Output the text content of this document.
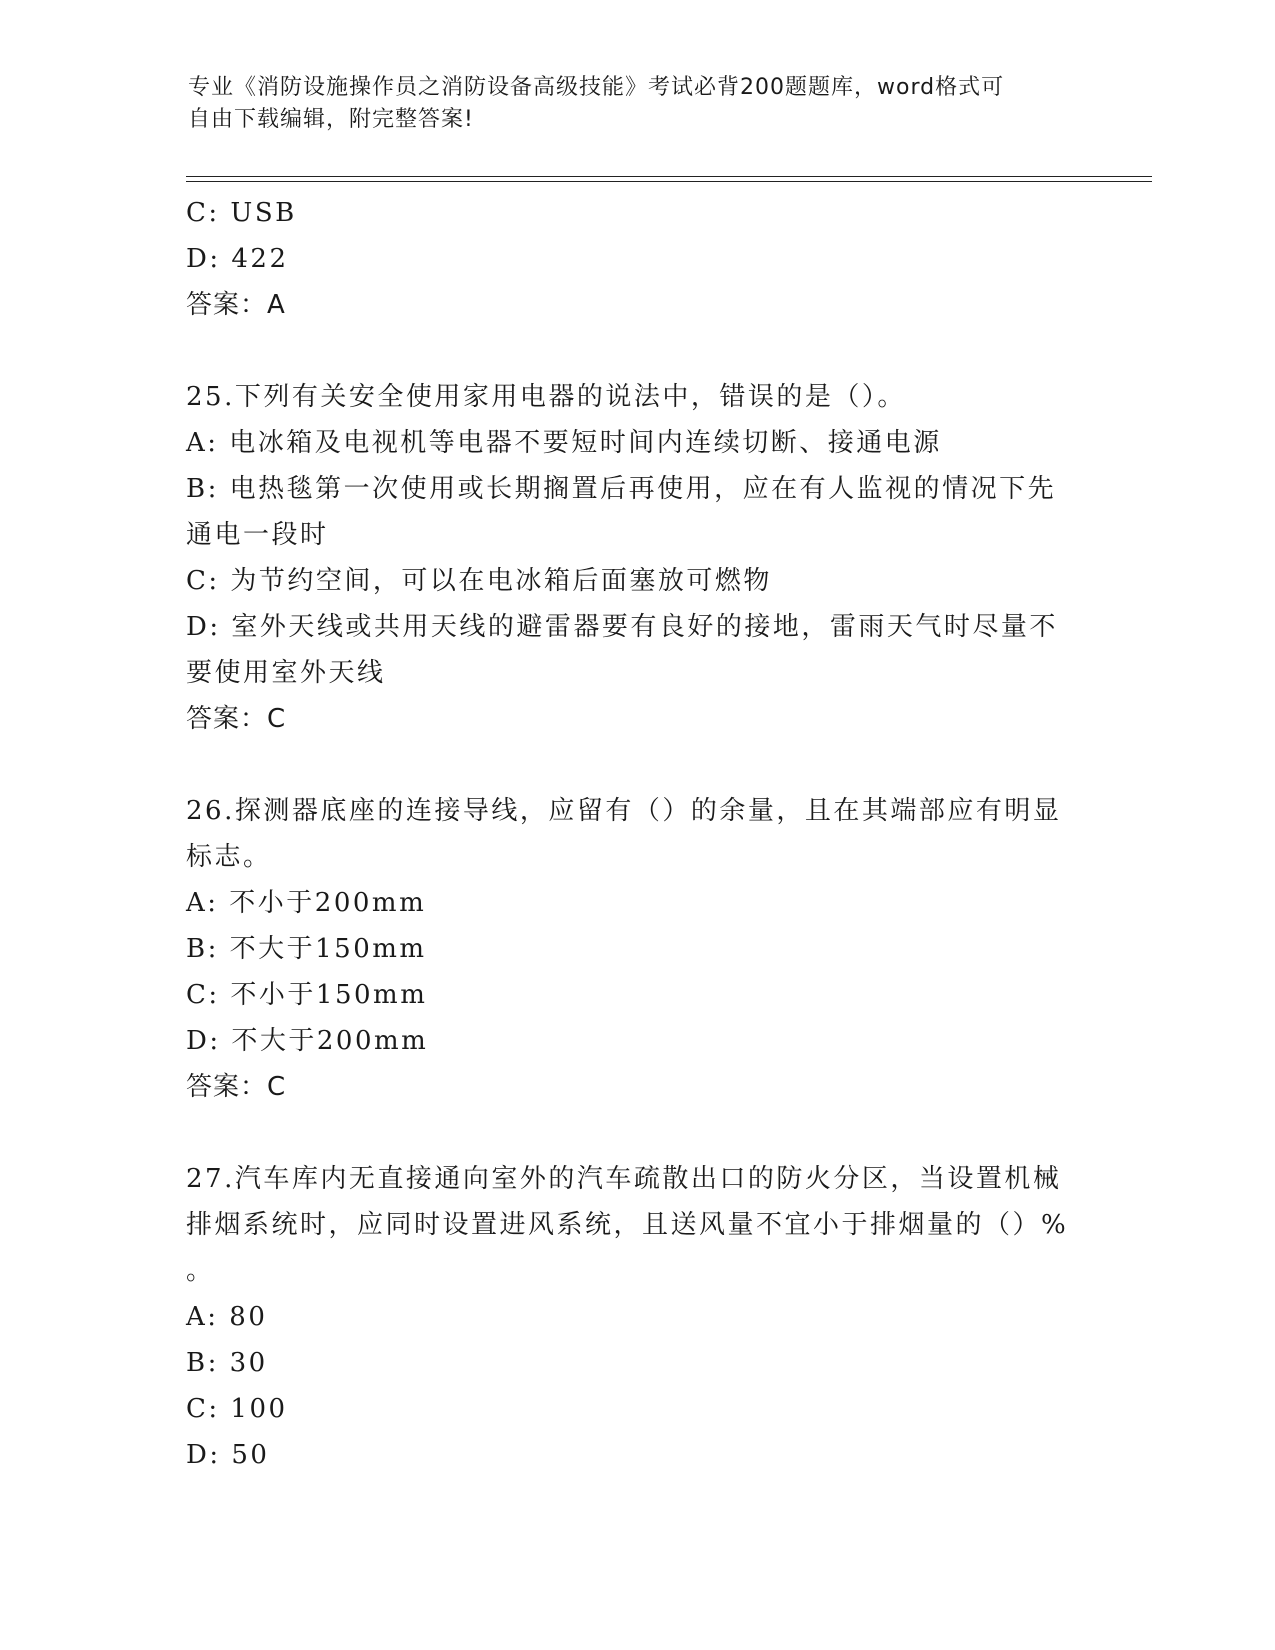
专业《消防设施操作员之消防设备高级技能》考试必背200题题库，word格式可
自由下载编辑，附完整答案!
C: USB
D: 422
答案：A
25.下列有关安全使用家用电器的说法中，错误的是（）。
A: 电冰箱及电视机等电器不要短时间内连续切断、接通电源
B: 电热毯第一次使用或长期搁置后再使用，应在有人监视的情况下先
通电一段时
C: 为节约空间，可以在电冰箱后面塞放可燃物
D: 室外天线或共用天线的避雷器要有良好的接地，雷雨天气时尽量不
要使用室外天线
答案：C
26.探测器底座的连接导线，应留有（）的余量，且在其端部应有明显
标志。
A: 不小于200mm
B: 不大于150mm
C: 不小于150mm
D: 不大于200mm
答案：C
27.汽车库内无直接通向室外的汽车疏散出口的防火分区，当设置机械
排烟系统时，应同时设置进风系统，且送风量不宜小于排烟量的（）%
。
A: 80
B: 30
C: 100
D: 50
